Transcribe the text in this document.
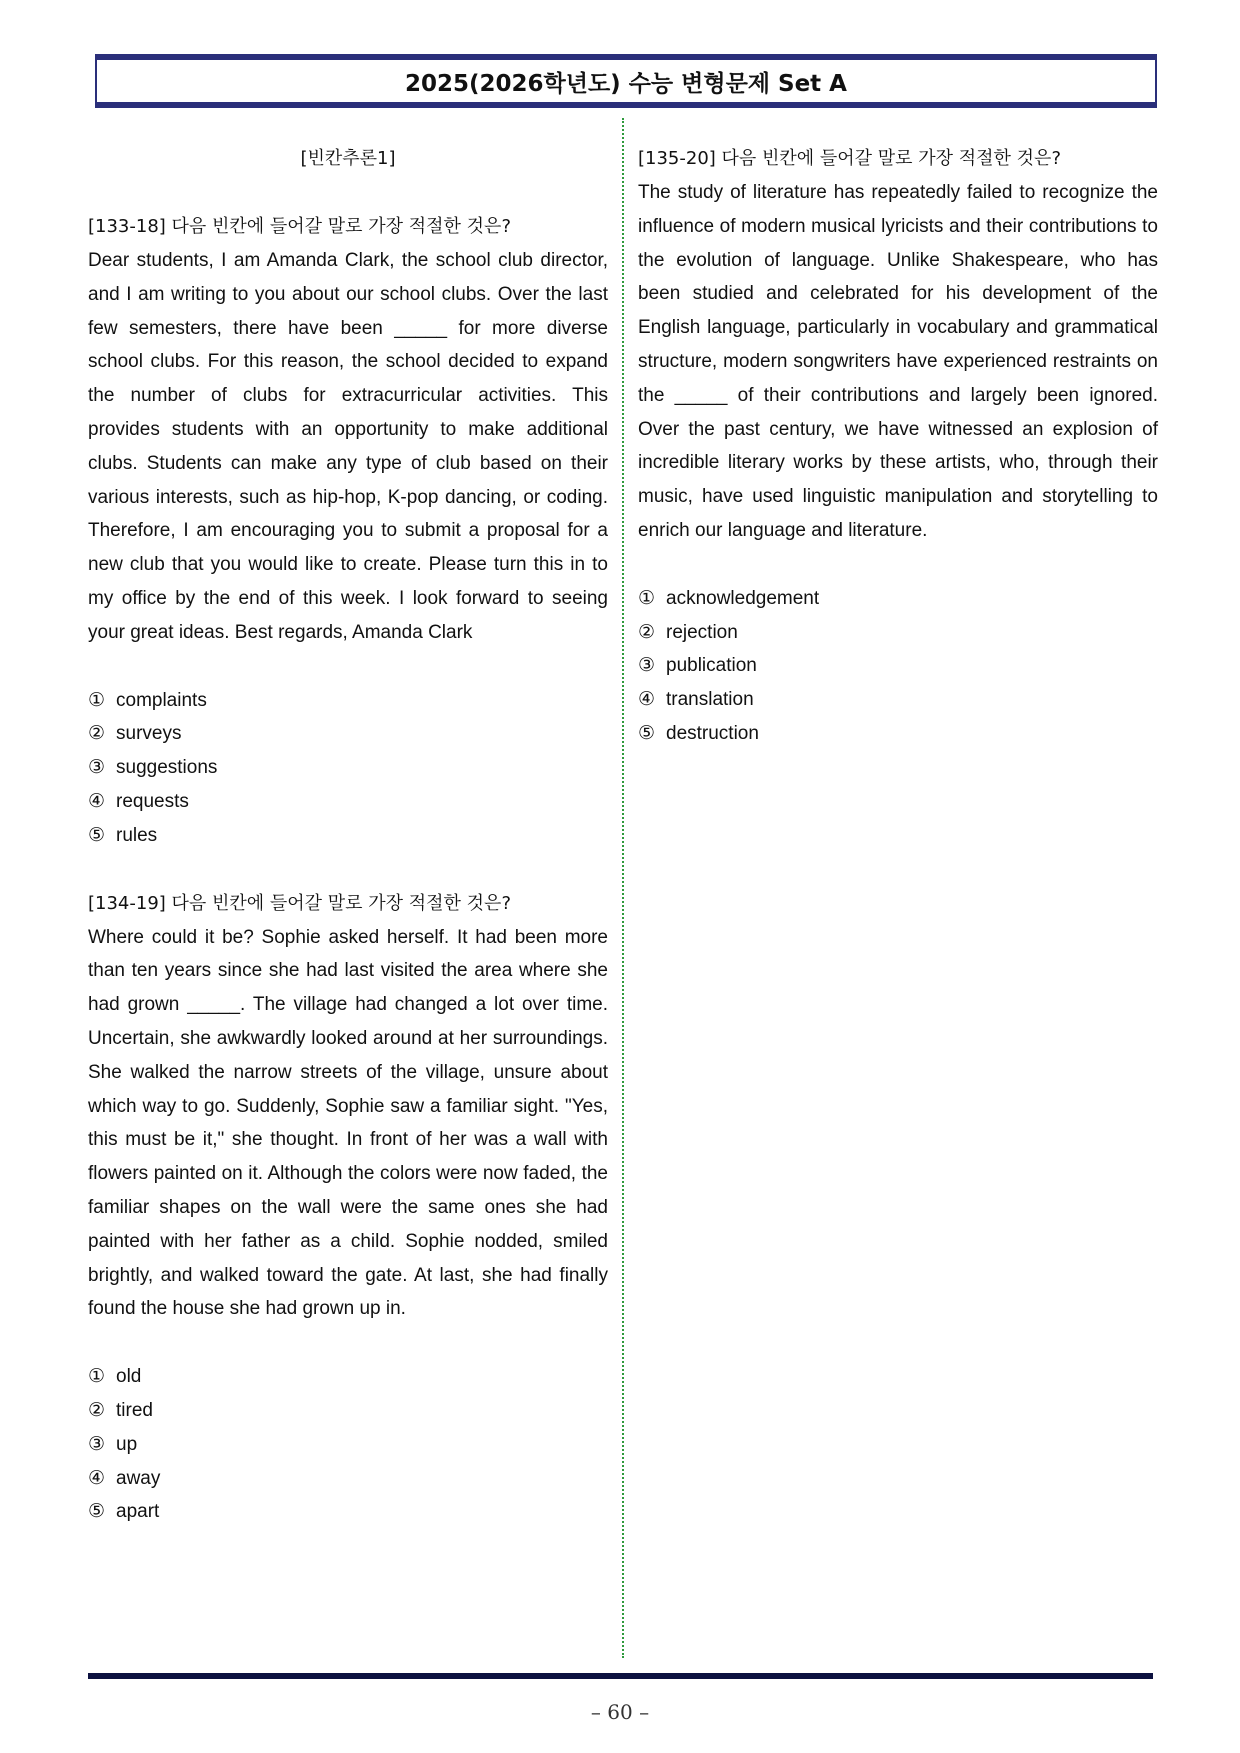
2025(2026학년도) 수능 변형문제 Set A

[빈칸추론1]

[133-18] 다음 빈칸에 들어갈 말로 가장 적절한 것은?

Dear students, I am Amanda Clark, the school club director, and I am writing to you about our school clubs. Over the last few semesters, there have been _____ for more diverse school clubs. For this reason, the school decided to expand the number of clubs for extracurricular activities. This provides students with an opportunity to make additional clubs. Students can make any type of club based on their various interests, such as hip-hop, K-pop dancing, or coding. Therefore, I am encouraging you to submit a proposal for a new club that you would like to create. Please turn this in to my office by the end of this week. I look forward to seeing your great ideas. Best regards, Amanda Clark

① complaints
② surveys
③ suggestions
④ requests
⑤ rules

[134-19] 다음 빈칸에 들어갈 말로 가장 적절한 것은?

Where could it be? Sophie asked herself. It had been more than ten years since she had last visited the area where she had grown _____. The village had changed a lot over time. Uncertain, she awkwardly looked around at her surroundings. She walked the narrow streets of the village, unsure about which way to go. Suddenly, Sophie saw a familiar sight. "Yes, this must be it," she thought. In front of her was a wall with flowers painted on it. Although the colors were now faded, the familiar shapes on the wall were the same ones she had painted with her father as a child. Sophie nodded, smiled brightly, and walked toward the gate. At last, she had finally found the house she had grown up in.

① old
② tired
③ up
④ away
⑤ apart

[135-20] 다음 빈칸에 들어갈 말로 가장 적절한 것은?

The study of literature has repeatedly failed to recognize the influence of modern musical lyricists and their contributions to the evolution of language. Unlike Shakespeare, who has been studied and celebrated for his development of the English language, particularly in vocabulary and grammatical structure, modern songwriters have experienced restraints on the _____ of their contributions and largely been ignored. Over the past century, we have witnessed an explosion of incredible literary works by these artists, who, through their music, have used linguistic manipulation and storytelling to enrich our language and literature.

① acknowledgement
② rejection
③ publication
④ translation
⑤ destruction
– 60 –
